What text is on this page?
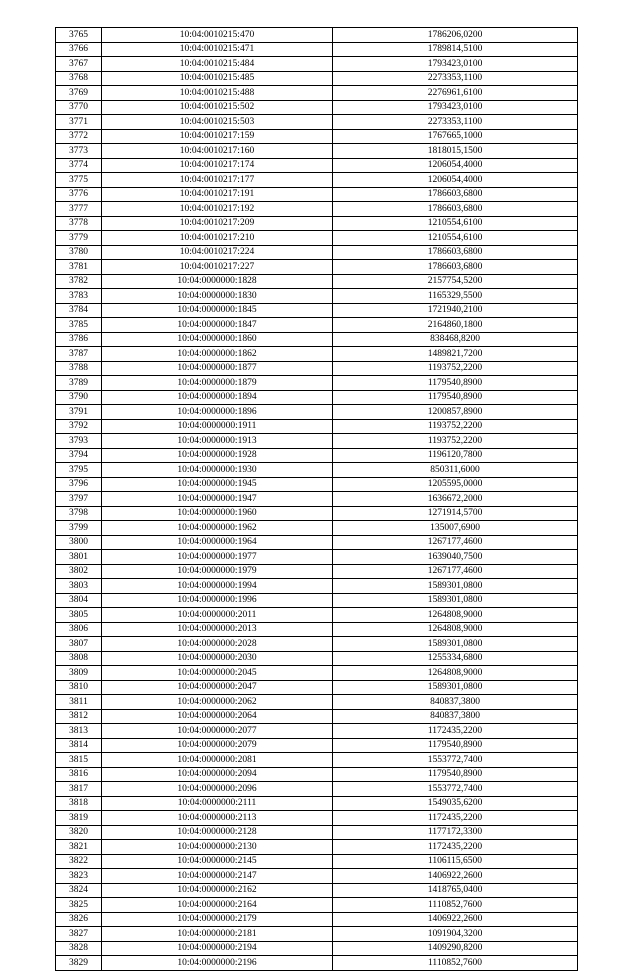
3765	10:04:0010215:470	1786206,0200
3766	10:04:0010215:471	1789814,5100
3767	10:04:0010215:484	1793423,0100
3768	10:04:0010215:485	2273353,1100
3769	10:04:0010215:488	2276961,6100
3770	10:04:0010215:502	1793423,0100
3771	10:04:0010215:503	2273353,1100
3772	10:04:0010217:159	1767665,1000
3773	10:04:0010217:160	1818015,1500
3774	10:04:0010217:174	1206054,4000
3775	10:04:0010217:177	1206054,4000
3776	10:04:0010217:191	1786603,6800
3777	10:04:0010217:192	1786603,6800
3778	10:04:0010217:209	1210554,6100
3779	10:04:0010217:210	1210554,6100
3780	10:04:0010217:224	1786603,6800
3781	10:04:0010217:227	1786603,6800
3782	10:04:0000000:1828	2157754,5200
3783	10:04:0000000:1830	1165329,5500
3784	10:04:0000000:1845	1721940,2100
3785	10:04:0000000:1847	2164860,1800
3786	10:04:0000000:1860	838468,8200
3787	10:04:0000000:1862	1489821,7200
3788	10:04:0000000:1877	1193752,2200
3789	10:04:0000000:1879	1179540,8900
3790	10:04:0000000:1894	1179540,8900
3791	10:04:0000000:1896	1200857,8900
3792	10:04:0000000:1911	1193752,2200
3793	10:04:0000000:1913	1193752,2200
3794	10:04:0000000:1928	1196120,7800
3795	10:04:0000000:1930	850311,6000
3796	10:04:0000000:1945	1205595,0000
3797	10:04:0000000:1947	1636672,2000
3798	10:04:0000000:1960	1271914,5700
3799	10:04:0000000:1962	135007,6900
3800	10:04:0000000:1964	1267177,4600
3801	10:04:0000000:1977	1639040,7500
3802	10:04:0000000:1979	1267177,4600
3803	10:04:0000000:1994	1589301,0800
3804	10:04:0000000:1996	1589301,0800
3805	10:04:0000000:2011	1264808,9000
3806	10:04:0000000:2013	1264808,9000
3807	10:04:0000000:2028	1589301,0800
3808	10:04:0000000:2030	1255334,6800
3809	10:04:0000000:2045	1264808,9000
3810	10:04:0000000:2047	1589301,0800
3811	10:04:0000000:2062	840837,3800
3812	10:04:0000000:2064	840837,3800
3813	10:04:0000000:2077	1172435,2200
3814	10:04:0000000:2079	1179540,8900
3815	10:04:0000000:2081	1553772,7400
3816	10:04:0000000:2094	1179540,8900
3817	10:04:0000000:2096	1553772,7400
3818	10:04:0000000:2111	1549035,6200
3819	10:04:0000000:2113	1172435,2200
3820	10:04:0000000:2128	1177172,3300
3821	10:04:0000000:2130	1172435,2200
3822	10:04:0000000:2145	1106115,6500
3823	10:04:0000000:2147	1406922,2600
3824	10:04:0000000:2162	1418765,0400
3825	10:04:0000000:2164	1110852,7600
3826	10:04:0000000:2179	1406922,2600
3827	10:04:0000000:2181	1091904,3200
3828	10:04:0000000:2194	1409290,8200
3829	10:04:0000000:2196	1110852,7600
